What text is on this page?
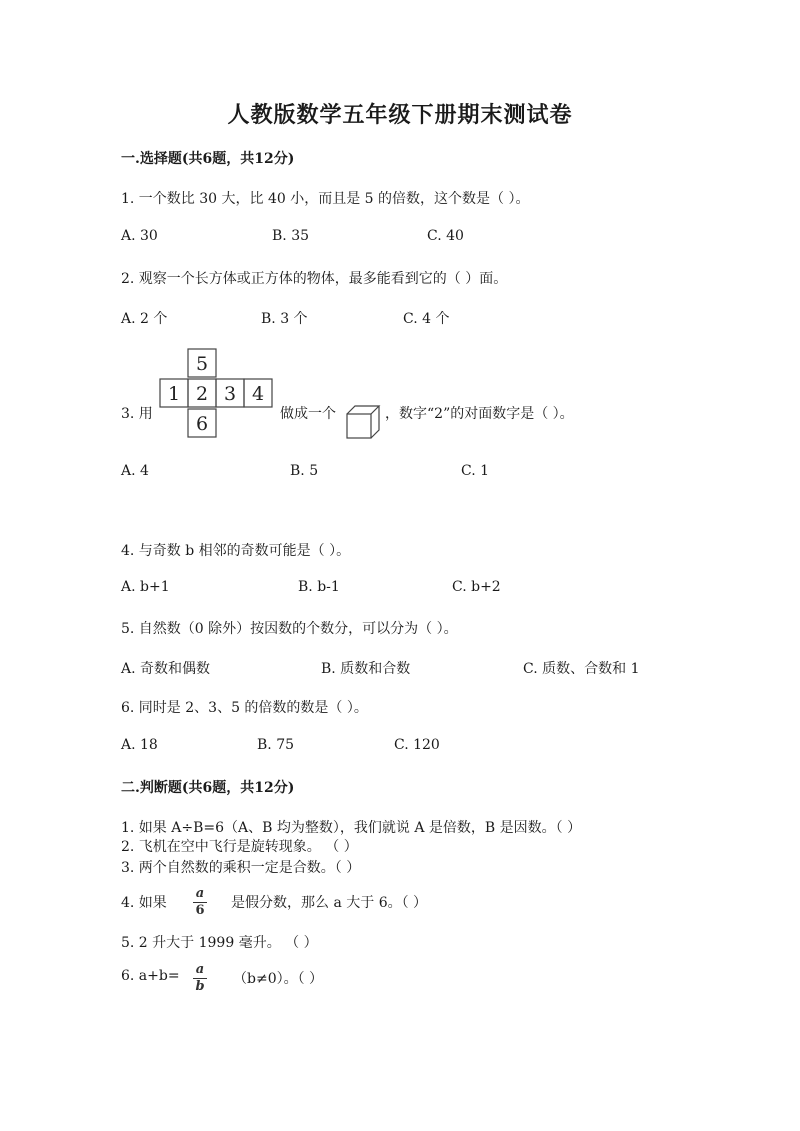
人教版数学五年级下册期末测试卷
一.选择题(共6题，共12分)
1. 一个数比 30 大，比 40 小，而且是 5 的倍数，这个数是（ ）。
A. 30	B. 35	C. 40
2. 观察一个长方体或正方体的物体，最多能看到它的（ ）面。
A. 2 个	B. 3 个	C. 4 个
3. 用
5
1 2 3 4
6	做成一个	，数字“2”的对面数字是（ ）。
A. 4	B. 5	C. 1
4. 与奇数 b 相邻的奇数可能是（ ）。
A. b+1	B. b-1	C. b+2
5. 自然数（0 除外）按因数的个数分，可以分为（ ）。
A. 奇数和偶数	B. 质数和合数	C. 质数、合数和 1
6. 同时是 2、3、5 的倍数的数是（ ）。
A. 18	B. 75	C. 120
二.判断题(共6题，共12分)
1. 如果 A÷B=6（A、B 均为整数），我们就说 A 是倍数，B 是因数。（ ）
2. 飞机在空中飞行是旋转现象。 （ ）
3. 两个自然数的乘积一定是合数。（ ）
4. 如果
a
6 是假分数，那么 a 大于 6。（ ）
5. 2 升大于 1999 毫升。 （ ）
6. a+b= a
b （b≠0）。（ ）
